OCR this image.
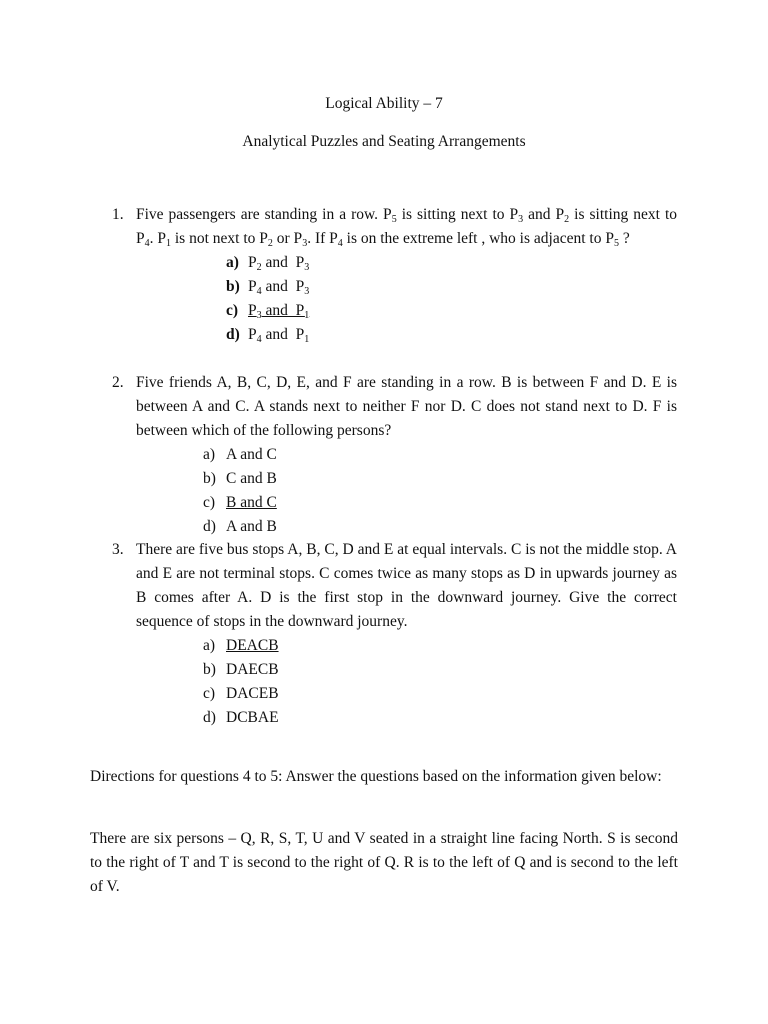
Logical Ability – 7
Analytical Puzzles and Seating Arrangements
1. Five passengers are standing in a row. $P_5$ is sitting next to $P_3$ and $P_2$ is sitting next to $P_4$. $P_1$ is not next to $P_2$ or $P_3$. If $P_4$ is on the extreme left , who is adjacent to $P_5$ ?
a) $P_2$ and  $P_3$
b) $P_4$ and  $P_3$
c) $P_3$ and  $P_1$
d) $P_4$ and  $P_1$
2. Five friends A, B, C, D, E, and F are standing in a row. B is between F and D. E is between A and C. A stands next to neither F nor D. C does not stand next to D. F is between which of the following persons?
a) A and C
b) C and B
c) B and C
d) A and B
3. There are five bus stops A, B, C, D and E at equal intervals. C is not the middle stop. A and E are not terminal stops. C comes twice as many stops as D in upwards journey as B comes after A. D is the first stop in the downward journey. Give the correct sequence of stops in the downward journey.
a) DEACB
b) DAECB
c) DACEB
d) DCBAE
Directions for questions 4 to 5: Answer the questions based on the information given below:
There are six persons – Q, R, S, T, U and V seated in a straight line facing North. S is second to the right of T and T is second to the right of Q. R is to the left of Q and is second to the left of V.
